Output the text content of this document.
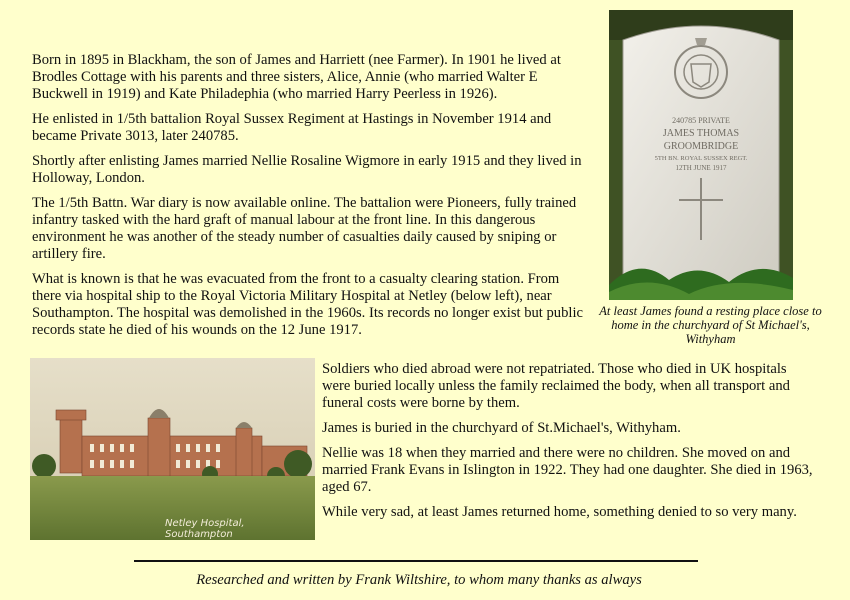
Born in 1895 in Blackham, the son of James and Harriett (nee Farmer). In 1901 he lived at Brodles Cottage with his parents and three sisters, Alice, Annie (who married Walter E Buckwell in 1919) and Kate Philadephia (who married Harry Peerless in 1926).

He enlisted in 1/5th battalion Royal Sussex Regiment at Hastings in November 1914 and became Private 3013, later 240785.

Shortly after enlisting James married Nellie Rosaline Wigmore in early 1915 and they lived in Holloway, London.

The 1/5th Battn. War diary is now available online. The battalion were Pioneers, fully trained infantry tasked with the hard graft of manual labour at the front line. In this dangerous environment he was another of the steady number of casualties daily caused by sniping or artillery fire.

What is known is that he was evacuated from the front to a casualty clearing station. From there via hospital ship to the Royal Victoria Military Hospital at Netley (below left), near Southampton. The hospital was demolished in the 1960s. Its records no longer exist but public records state he died of his wounds on the 12 June 1917.

240785 PRIVATE
JAMES THOMAS
GROOMBRIDGE
5TH BN. ROYAL SUSSEX REGT.
12TH JUNE 1917
At least James found a resting place close to home in the churchyard of St Michael's, Withyham
Netley Hospital, Southampton

Soldiers who died abroad were not repatriated. Those who died in UK hospitals were buried locally unless the family reclaimed the body, when all transport and funeral costs were borne by them.

James is buried in the churchyard of St.Michael's, Withyham.

Nellie was 18 when they married and there were no children. She moved on and married Frank Evans in Islington in 1922. They had one daughter. She died in 1963, aged 67.

While very sad, at least James returned home, something denied to so very many.

Researched and written by Frank Wiltshire, to whom many thanks as always
